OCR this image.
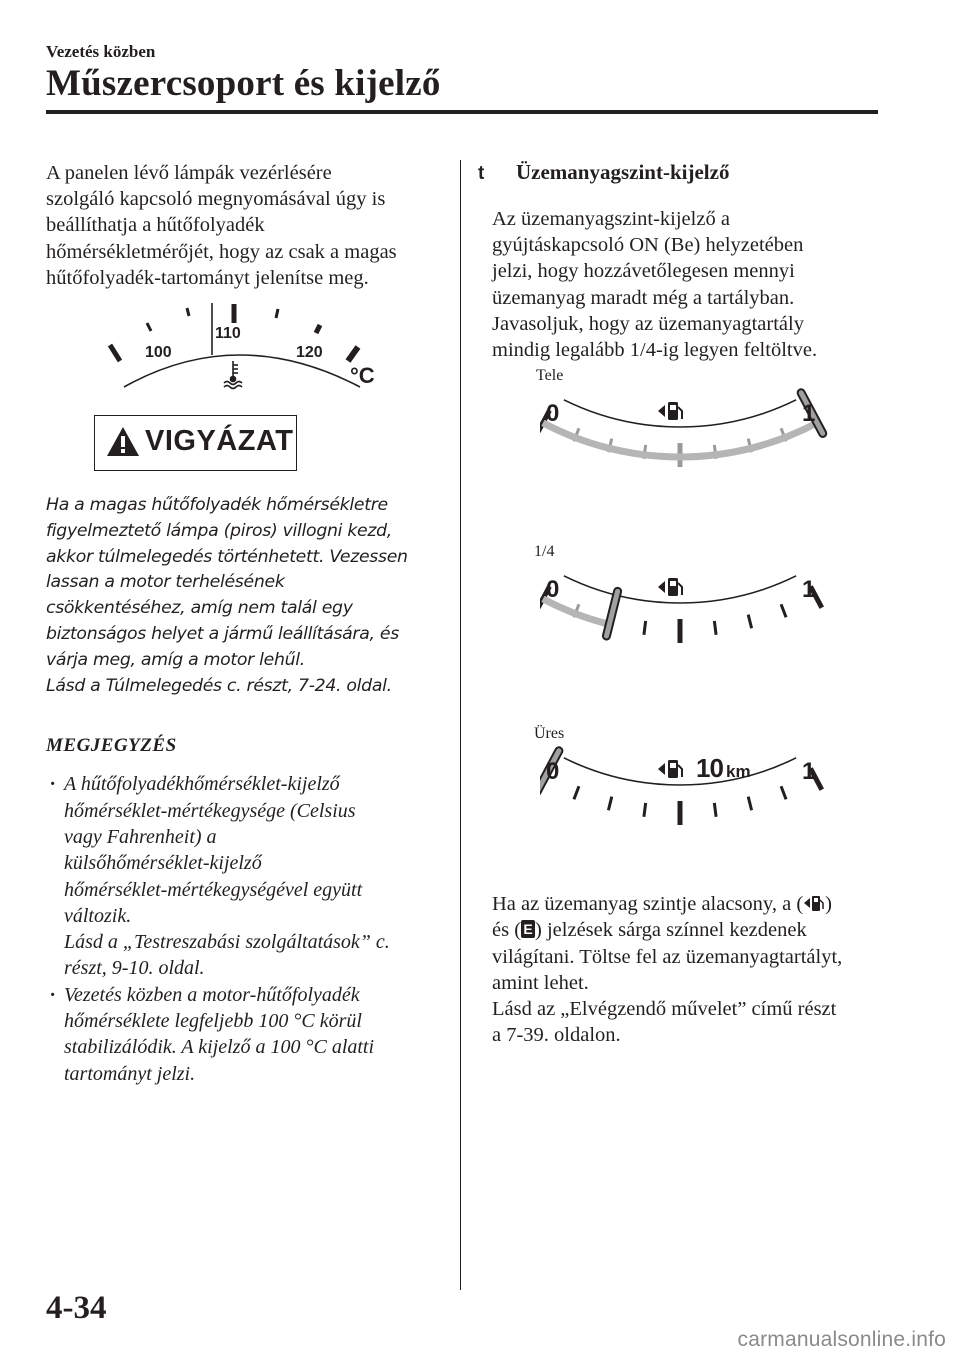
Vezetés közben
Műszercsoport és kijelző

A panelen lévő lámpák vezérlésére

szolgáló kapcsoló megnyomásával úgy is

beállíthatja a hűtőfolyadék

hőmérsékletmérőjét, hogy az csak a magas

hűtőfolyadék-tartományt jelenítse meg.

100
110
120
°C
VIGYÁZAT

Ha a magas hűtőfolyadék hőmérsékletre

figyelmeztető lámpa (piros) villogni kezd,

akkor túlmelegedés történhetett. Vezessen

lassan a motor terhelésének

csökkentéséhez, amíg nem talál egy

biztonságos helyet a jármű leállítására, és

várja meg, amíg a motor lehűl.

Lásd a Túlmelegedés c. részt, 7-24. oldal.

MEGJEGYZÉS
· A hűtőfolyadékhőmérséklet-kijelző
hőmérséklet-mértékegysége (Celsius
vagy Fahrenheit) a
külsőhőmérséklet-kijelző
hőmérséklet-mértékegységével együtt
változik.
Lásd a „Testreszabási szolgáltatások” c.
részt, 9-10. oldal.
· Vezetés közben a motor-hűtőfolyadék
hőmérséklete legfeljebb 100 °C körül
stabilizálódik. A kijelző a 100 °C alatti
tartományt jelzi.
t Üzemanyagszint-kijelző

Az üzemanyagszint-kijelző a

gyújtáskapcsoló ON (Be) helyzetében

jelzi, hogy hozzávetőlegesen mennyi

üzemanyag maradt még a tartályban.

Javasoljuk, hogy az üzemanyagtartály

mindig legalább 1/4-ig legyen feltöltve.

Tele
0	1
1/4
0	1
Üres
0	1
10 km

Ha az üzemanyag szintje alacsony, a ( )

és ( E ) jelzések sárga színnel kezdenek

világítani. Töltse fel az üzemanyagtartályt,

amint lehet.

Lásd az „Elvégzendő művelet” című részt

a 7-39. oldalon.

4-34
carmanualsonline.info
